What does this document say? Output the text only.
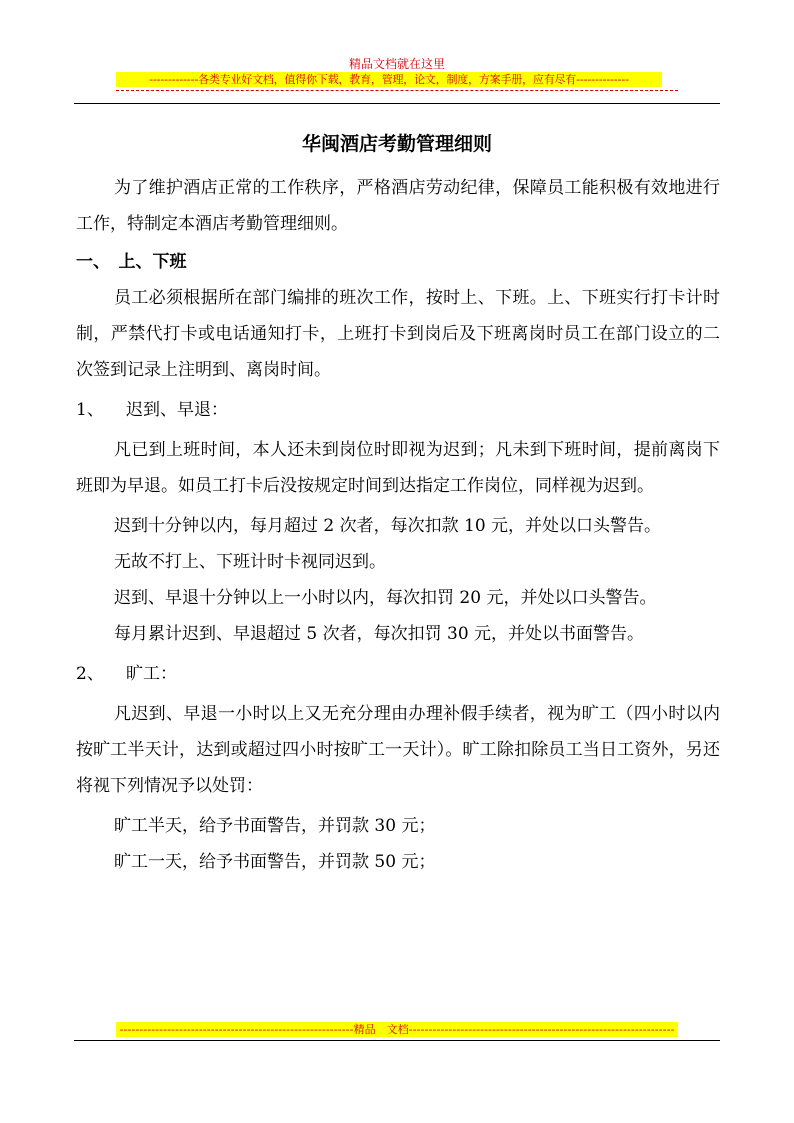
精品文档就在这里
-------------各类专业好文档，值得你下载，教育，管理，论文，制度，方案手册，应有尽有--------------
华闽酒店考勤管理细则

为了维护酒店正常的工作秩序，严格酒店劳动纪律，保障员工能积极有效地进行工作，特制定本酒店考勤管理细则。

一、　 上、下班

员工必须根据所在部门编排的班次工作，按时上、下班。上、下班实行打卡计时制，严禁代打卡或电话通知打卡，上班打卡到岗后及下班离岗时员工在部门设立的二次签到记录上注明到、离岗时间。

1、 迟到、早退：

凡已到上班时间，本人还未到岗位时即视为迟到；凡未到下班时间，提前离岗下班即为早退。如员工打卡后没按规定时间到达指定工作岗位，同样视为迟到。

迟到十分钟以内，每月超过 2 次者，每次扣款 10 元，并处以口头警告。

无故不打上、下班计时卡视同迟到。

迟到、早退十分钟以上一小时以内，每次扣罚 20 元，并处以口头警告。

每月累计迟到、早退超过 5 次者，每次扣罚 30 元，并处以书面警告。

2、 旷工：

凡迟到、早退一小时以上又无充分理由办理补假手续者，视为旷工（四小时以内按旷工半天计，达到或超过四小时按旷工一天计）。旷工除扣除员工当日工资外，另还将视下列情况予以处罚：

旷工半天，给予书面警告，并罚款 30 元；

旷工一天，给予书面警告，并罚款 50 元；

-----------------------------------------------------------精品　文档-------------------------------------------------------------------
